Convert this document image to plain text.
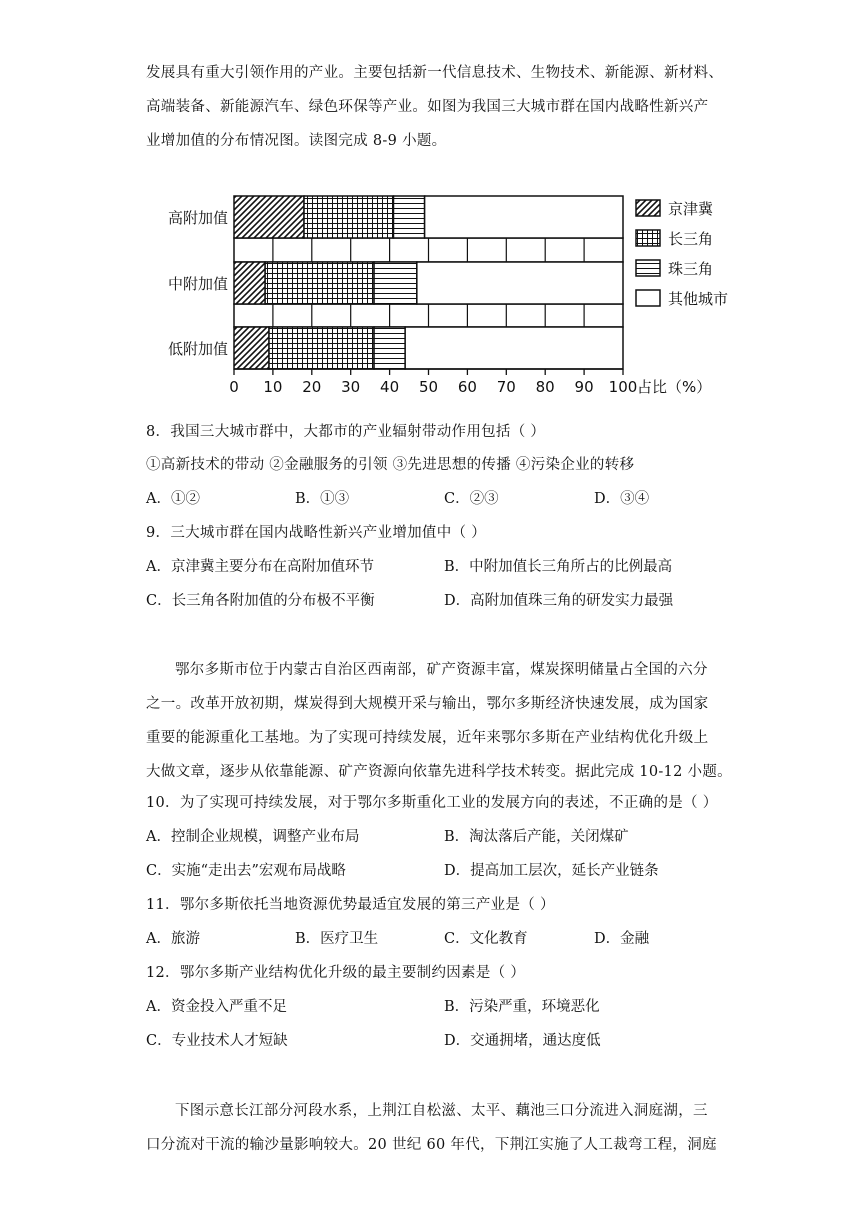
发展具有重大引领作用的产业。主要包括新一代信息技术、生物技术、新能源、新材料、

高端装备、新能源汽车、绿色环保等产业。如图为我国三大城市群在国内战略性新兴产

业增加值的分布情况图。读图完成 8-9 小题。

高附加值
中附加值
低附加值
0 10 20 30 40 50 60 70 80 90 100 占比（%）
京津冀
长三角
珠三角
其他城市
8．我国三大城市群中，大都市的产业辐射带动作用包括（ ）
①高新技术的带动 ②金融服务的引领 ③先进思想的传播 ④污染企业的转移
A．①②	B．①③	C．②③	D．③④
9．三大城市群在国内战略性新兴产业增加值中（ ）
A．京津冀主要分布在高附加值环节	B．中附加值长三角所占的比例最高
C．长三角各附加值的分布极不平衡	D．高附加值珠三角的研发实力最强

鄂尔多斯市位于内蒙古自治区西南部，矿产资源丰富，煤炭探明储量占全国的六分

之一。改革开放初期，煤炭得到大规模开采与输出，鄂尔多斯经济快速发展，成为国家

重要的能源重化工基地。为了实现可持续发展，近年来鄂尔多斯在产业结构优化升级上

大做文章，逐步从依靠能源、矿产资源向依靠先进科学技术转变。据此完成 10-12 小题。

10．为了实现可持续发展，对于鄂尔多斯重化工业的发展方向的表述，不正确的是（ ）
A．控制企业规模，调整产业布局	B．淘汰落后产能，关闭煤矿
C．实施“走出去”宏观布局战略	D．提高加工层次，延长产业链条
11．鄂尔多斯依托当地资源优势最适宜发展的第三产业是（ ）
A．旅游	B．医疗卫生	C．文化教育	D．金融
12．鄂尔多斯产业结构优化升级的最主要制约因素是（ ）
A．资金投入严重不足	B．污染严重，环境恶化
C．专业技术人才短缺	D．交通拥堵，通达度低

下图示意长江部分河段水系，上荆江自松滋、太平、藕池三口分流进入洞庭湖，三

口分流对干流的输沙量影响较大。20 世纪 60 年代，下荆江实施了人工裁弯工程，洞庭
